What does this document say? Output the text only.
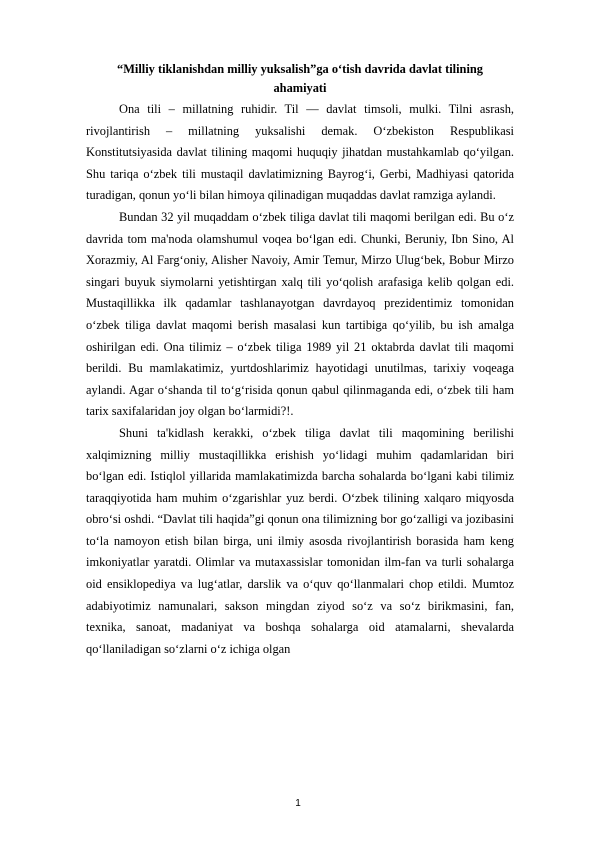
“Milliy tiklanishdan milliy yuksalish”ga o‘tish davrida davlat tilining
ahamiyati

Ona tili – millatning ruhidir. Til — davlat timsoli, mulki. Tilni asrash, rivojlantirish – millatning yuksalishi demak. O‘zbekiston Respublikasi Konstitutsiyasida davlat tilining maqomi huquqiy jihatdan mustahkamlab qo‘yilgan. Shu tariqa o‘zbek tili mustaqil davlatimizning Bayrog‘i, Gerbi, Madhiyasi qatorida turadigan, qonun yo‘li bilan himoya qilinadigan muqaddas davlat ramziga aylandi.

Bundan 32 yil muqaddam o‘zbek tiliga davlat tili maqomi berilgan edi. Bu o‘z davrida tom ma'noda olamshumul voqea bo‘lgan edi. Chunki, Beruniy, Ibn Sino, Al Xorazmiy, Al Farg‘oniy, Alisher Navoiy, Amir Temur, Mirzo Ulug‘bek, Bobur Mirzo singari buyuk siymolarni yetishtirgan xalq tili yo‘qolish arafasiga kelib qolgan edi. Mustaqillikka ilk qadamlar tashlanayotgan davrdayoq prezidentimiz tomonidan o‘zbek tiliga davlat maqomi berish masalasi kun tartibiga qo‘yilib, bu ish amalga oshirilgan edi. Ona tilimiz – o‘zbek tiliga 1989 yil 21 oktabrda davlat tili maqomi berildi. Bu mamlakatimiz, yurtdoshlarimiz hayotidagi unutilmas, tarixiy voqeaga aylandi. Agar o‘shanda til to‘g‘risida qonun qabul qilinmaganda edi, o‘zbek tili ham tarix saxifalaridan joy olgan bo‘larmidi?!.

Shuni ta'kidlash kerakki, o‘zbek tiliga davlat tili maqomining berilishi xalqimizning milliy mustaqillikka erishish yo‘lidagi muhim qadamlaridan biri bo‘lgan edi. Istiqlol yillarida mamlakatimizda barcha sohalarda bo‘lgani kabi tilimiz taraqqiyotida ham muhim o‘zgarishlar yuz berdi. O‘zbek tilining xalqaro miqyosda obro‘si oshdi. “Davlat tili haqida”gi qonun ona tilimizning bor go‘zalligi va jozibasini to‘la namoyon etish bilan birga, uni ilmiy asosda rivojlantirish borasida ham keng imkoniyatlar yaratdi. Olimlar va mutaxassislar tomonidan ilm-fan va turli sohalarga oid ensiklopediya va lug‘atlar, darslik va o‘quv qo‘llanmalari chop etildi. Mumtoz adabiyotimiz namunalari, sakson mingdan ziyod so‘z va so‘z birikmasini, fan, texnika, sanoat, madaniyat va boshqa sohalarga oid atamalarni, shevalarda qo‘llaniladigan so‘zlarni o‘z ichiga olgan

1
